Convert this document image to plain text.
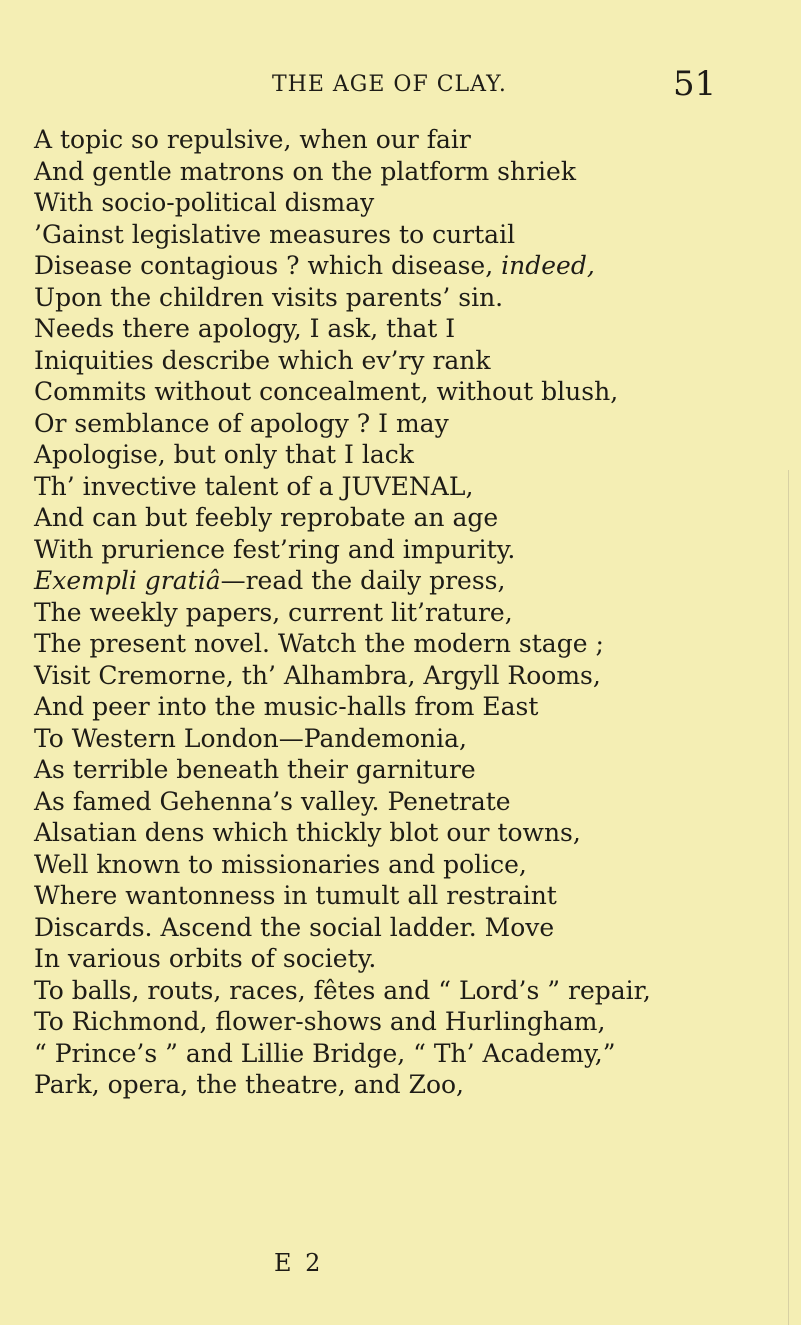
THE AGE OF CLAY.	51
A topic so repulsive, when our fair
And gentle matrons on the platform shriek
With socio-political dismay
’Gainst legislative measures to curtail
Disease contagious ? which disease, indeed,
Upon the children visits parents’ sin.
Needs there apology, I ask, that I
Iniquities describe which ev’ry rank
Commits without concealment, without blush,
Or semblance of apology ? I may
Apologise, but only that I lack
Th’ invective talent of a JUVENAL,
And can but feebly reprobate an age
With prurience fest’ring and impurity.
Exempli gratiâ—read the daily press,
The weekly papers, current lit’rature,
The present novel. Watch the modern stage ;
Visit Cremorne, th’ Alhambra, Argyll Rooms,
And peer into the music-halls from East
To Western London—Pandemonia,
As terrible beneath their garniture
As famed Gehenna’s valley. Penetrate
Alsatian dens which thickly blot our towns,
Well known to missionaries and police,
Where wantonness in tumult all restraint
Discards. Ascend the social ladder. Move
In various orbits of society.
To balls, routs, races, fêtes and “ Lord’s ” repair,
To Richmond, flower-shows and Hurlingham,
“ Prince’s ” and Lillie Bridge, “ Th’ Academy,”
Park, opera, the theatre, and Zoo,
E 2
